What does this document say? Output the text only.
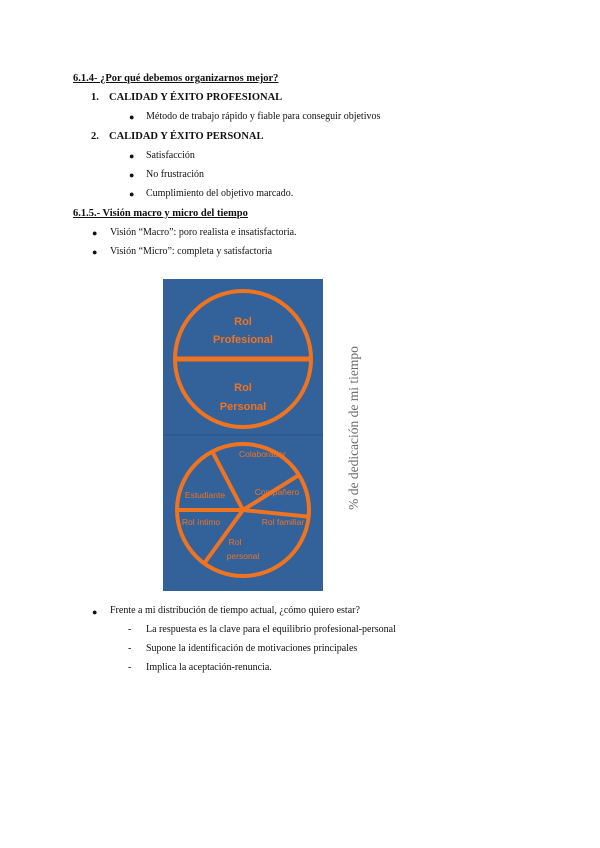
6.1.4- ¿Por qué debemos organizarnos mejor?
1. CALIDAD Y ÉXITO PROFESIONAL
● Método de trabajo rápido y fiable para conseguir objetivos
2. CALIDAD Y ÉXITO PERSONAL
● Satisfacción
● No frustración
● Cumplimiento del objetivo marcado.
6.1.5.- Visión macro y micro del tiempo
● Visión “Macro”: poro realista e insatisfactoria.
● Visión “Micro”: completa y satisfactoria
Rol
Profesional
Rol
Personal
Colaborador
Compañero
Rol familiar
Rol
personal
Rol íntimo
Estudiante	% de dedicación de mi tiempo
● Frente a mi distribución de tiempo actual, ¿cómo quiero estar?
- La respuesta es la clave para el equilibrio profesional-personal
- Supone la identificación de motivaciones principales
- Implica la aceptación-renuncia.
